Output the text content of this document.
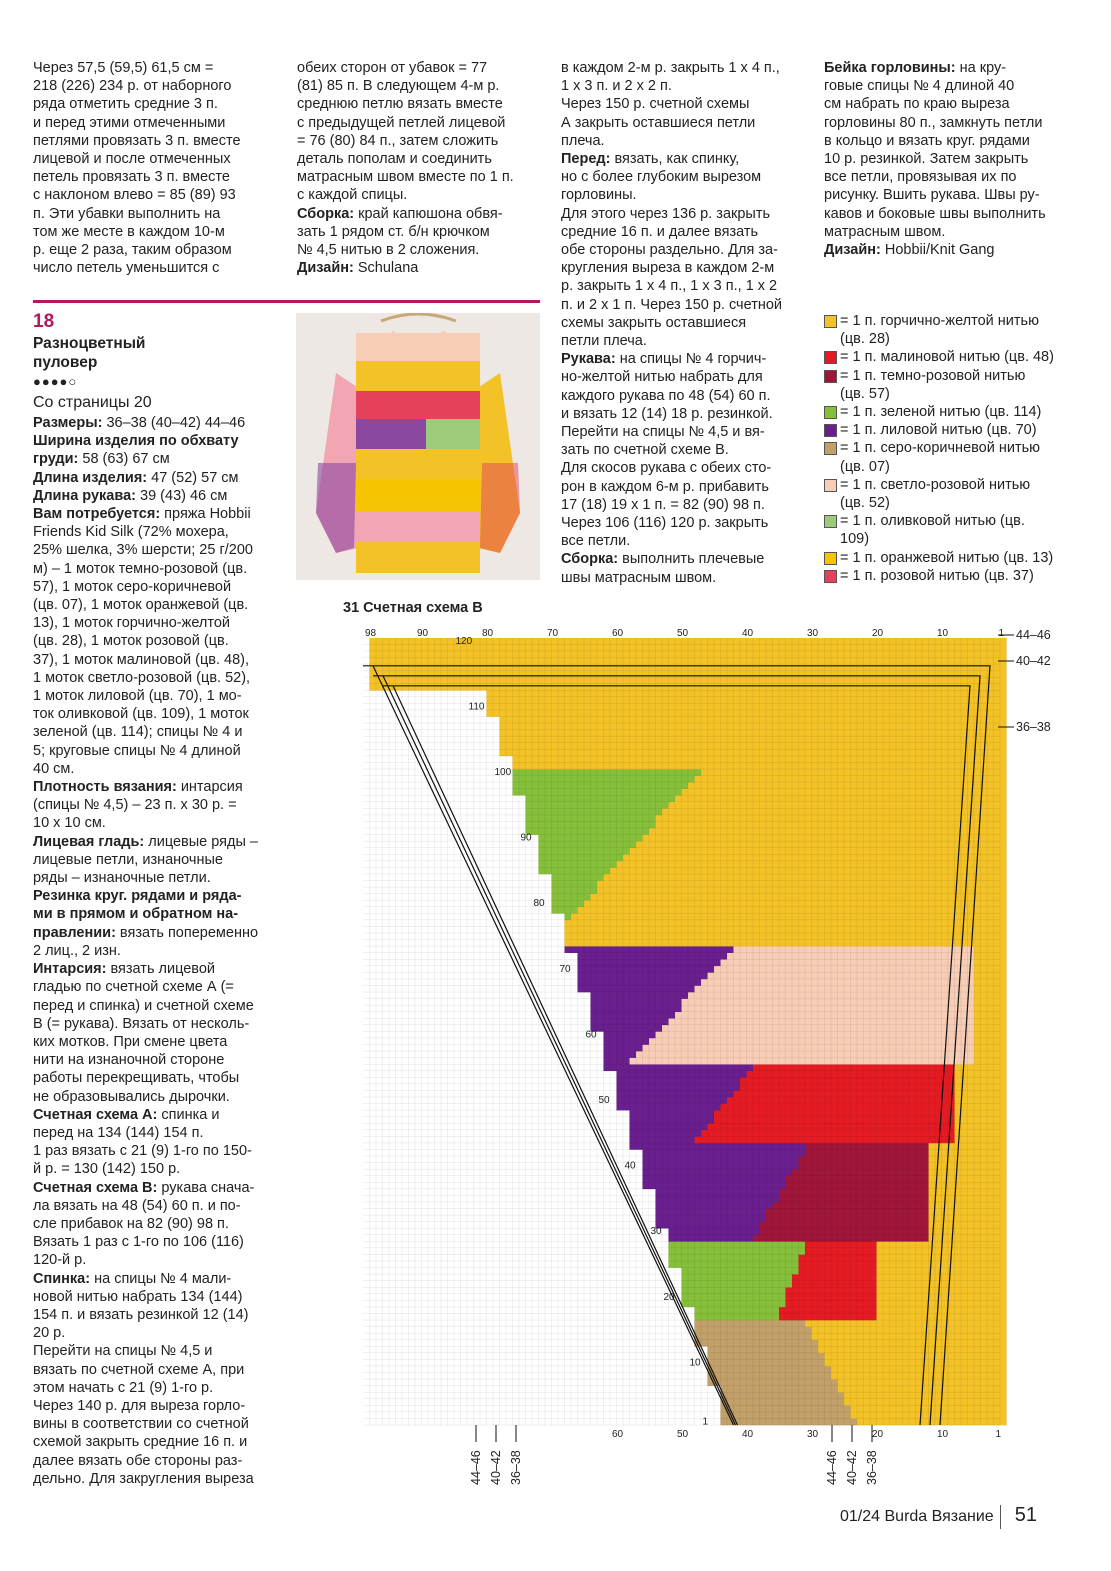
Через 57,5 (59,5) 61,5 см =

218 (226) 234 р. от наборного

ряда отметить средние 3 п.

и перед этими отмеченными

петлями провязать 3 п. вместе

лицевой и после отмеченных

петель провязать 3 п. вместе

с наклоном влево = 85 (89) 93

п. Эти убавки выполнить на

том же месте в каждом 10-м

р. еще 2 раза, таким образом

число петель уменьшится с

обеих сторон от убавок = 77

(81) 85 п. В следующем 4-м р.

среднюю петлю вязать вместе

с предыдущей петлей лицевой

= 76 (80) 84 п., затем сложить

деталь пополам и соединить

матрасным швом вместе по 1 п.

с каждой спицы.

Сборка: край капюшона обвя-

зать 1 рядом ст. б/н крючком

№ 4,5 нитью в 2 сложения.

Дизайн: Schulana

в каждом 2-м р. закрыть 1 х 4 п.,

1 х 3 п. и 2 х 2 п.

Через 150 р. счетной схемы

А закрыть оставшиеся петли

плеча.

Перед: вязать, как спинку,

но с более глубоким вырезом

горловины.

Для этого через 136 р. закрыть

средние 16 п. и далее вязать

обе стороны раздельно. Для за-

кругления выреза в каждом 2-м

р. закрыть 1 х 4 п., 1 х 3 п., 1 х 2

п. и 2 х 1 п. Через 150 р. счетной

схемы закрыть оставшиеся

петли плеча.

Рукава: на спицы № 4 горчич-

но-желтой нитью набрать для

каждого рукава по 48 (54) 60 п.

и вязать 12 (14) 18 р. резинкой.

Перейти на спицы № 4,5 и вя-

зать по счетной схеме В.

Для скосов рукава с обеих сто-

рон в каждом 6-м р. прибавить

17 (18) 19 х 1 п. = 82 (90) 98 п.

Через 106 (116) 120 р. закрыть

все петли.

Сборка: выполнить плечевые

швы матрасным швом.

Бейка горловины: на кру-

говые спицы № 4 длиной 40

см набрать по краю выреза

горловины 80 п., замкнуть петли

в кольцо и вязать круг. рядами

10 р. резинкой. Затем закрыть

все петли, провязывая их по

рисунку. Вшить рукава. Швы ру-

кавов и боковые швы выполнить

матрасным швом.

Дизайн: Hobbii/Knit Gang

18
Разноцветный
пуловер
●●●●○
Со страницы 20

Размеры: 36–38 (40–42) 44–46

Ширина изделия по обхвату

груди: 58 (63) 67 см

Длина изделия: 47 (52) 57 см

Длина рукава: 39 (43) 46 см

Вам потребуется: пряжа Hobbii

Friends Kid Silk (72% мохера,

25% шелка, 3% шерсти; 25 г/200

м) – 1 моток темно-розовой (цв.

57), 1 моток серо-коричневой

(цв. 07), 1 моток оранжевой (цв.

13), 1 моток горчично-желтой

(цв. 28), 1 моток розовой (цв.

37), 1 моток малиновой (цв. 48),

1 моток светло-розовой (цв. 52),

1 моток лиловой (цв. 70), 1 мо-

ток оливковой (цв. 109), 1 моток

зеленой (цв. 114); спицы № 4 и

5; круговые спицы № 4 длиной

40 см.

Плотность вязания: интарсия

(спицы № 4,5) – 23 п. х 30 р. =

10 х 10 см.

Лицевая гладь: лицевые ряды –

лицевые петли, изнаночные

ряды – изнаночные петли.

Резинка круг. рядами и ряда-

ми в прямом и обратном на-

правлении: вязать попеременно

2 лиц., 2 изн.

Интарсия: вязать лицевой

гладью по счетной схеме А (=

перед и спинка) и счетной схеме

В (= рукава). Вязать от несколь-

ких мотков. При смене цвета

нити на изнаночной стороне

работы перекрещивать, чтобы

не образовывались дырочки.

Счетная схема А: спинка и

перед на 134 (144) 154 п.

1 раз вязать с 21 (9) 1-го по 150-

й р. = 130 (142) 150 р.

Счетная схема В: рукава снача-

ла вязать на 48 (54) 60 п. и по-

сле прибавок на 82 (90) 98 п.

Вязать 1 раз с 1-го по 106 (116)

120-й р.

Спинка: на спицы № 4 мали-

новой нитью набрать 134 (144)

154 п. и вязать резинкой 12 (14)

20 р.

Перейти на спицы № 4,5 и

вязать по счетной схеме А, при

этом начать с 21 (9) 1-го р.

Через 140 р. для выреза горло-

вины в соответствии со счетной

схемой закрыть средние 16 п. и

далее вязать обе стороны раз-

дельно. Для закругления выреза

= 1 п. горчично-желтой нитью
(цв. 28)
= 1 п. малиновой нитью (цв. 48)
= 1 п. темно-розовой нитью
(цв. 57)
= 1 п. зеленой нитью (цв. 114)
= 1 п. лиловой нитью (цв. 70)
= 1 п. серо-коричневой нитью
(цв. 07)
= 1 п. светло-розовой нитью
(цв. 52)
= 1 п. оливковой нитью (цв.
109)
= 1 п. оранжевой нитью (цв. 13)
= 1 п. розовой нитью (цв. 37)
31 Счетная схема В
98	90	80	70	60	50	40	30	20	10	1
120
110
100
90
80
70
60
50
40
30
20
10
1
60	50	40	30	20	10	1
44–46
40–42
36–38
44–46	44–46
40–42	40–42
36–38	36–38
01/24 Burda Вязание 51
